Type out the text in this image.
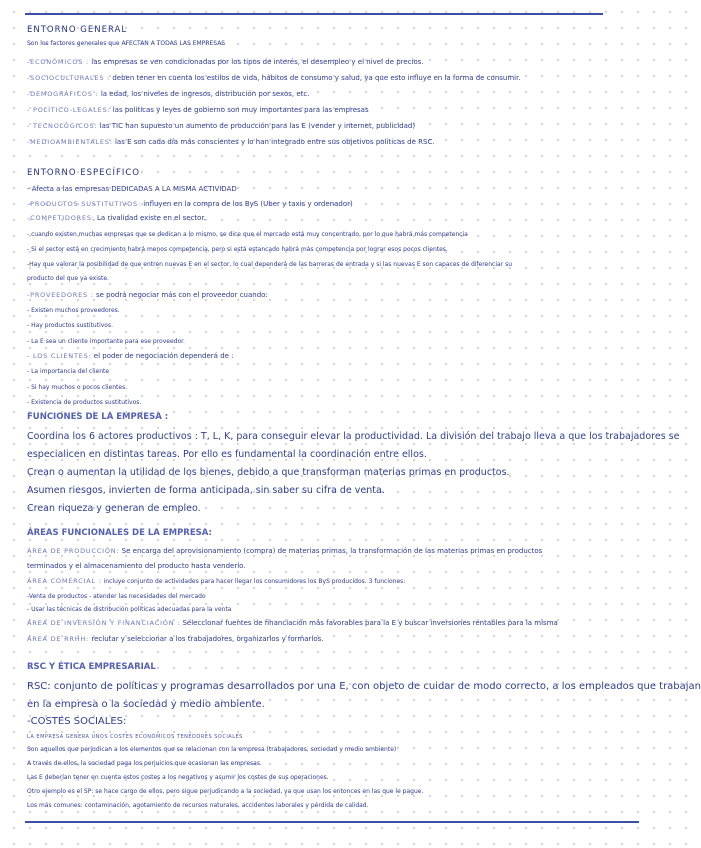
ENTORNO GENERAL
Son los factores generales que AFECTAN A TODAS LAS EMPRESAS
-ECONÓMICOS : las empresas se ven condicionadas por los tipos de interés, el desempleo y el nivel de precios.
-SOCIOCULTURALES : deben tener en cuenta los estilos de vida, hábitos de consumo y salud, ya que esto influye en la forma de consumir.
-DEMOGRÁFICOS : la edad, los niveles de ingresos, distribución por sexos, etc.
- POLÍTICO-LEGALES: las políticas y leyes de gobierno son muy importantes para las empresas
- TECNOLÓGICOS: las TIC han supuesto un aumento de producción para las E (vender y internet, publicidad)
-MEDIOAMBIENTALES: las E son cada día más conscientes y lo han integrado entre sus objetivos políticas de RSC.
ENTORNO ESPECÍFICO
- Afecta a las empresas DEDICADAS A LA MISMA ACTIVIDAD
-PRODUCTOS SUSTITUTIVOS: influyen en la compra de los ByS (Uber y taxis y ordenador)
-COMPETIDORES: La rivalidad existe en el sector.
- cuando existen muchas empresas que se dedican a lo mismo, se dice que el mercado está muy concentrado, por lo que habrá más competencia
- Si el sector está en crecimiento habrá menos competencia, pero si está estancado habrá más competencia por lograr esos pocos clientes.
-Hay que valorar la posibilidad de que entren nuevas E en el sector, lo cual dependerá de las barreras de entrada y si las nuevas E son capaces de diferenciar su
producto del que ya existe.
-PROVEEDORES : se podrá negociar más con el proveedor cuando:
- Existen muchos proveedores.
- Hay productos sustitutivos.
- La E sea un cliente importante para ese proveedor.
- LOS CLIENTES: el poder de negociación dependerá de :
- La importancia del cliente
- Si hay muchos o pocos clientes.
- Existencia de productos sustitutivos.
FUNCIONES DE LA EMPRESA :
Coordina los 6 actores productivos : T, L, K, para conseguir elevar la productividad. La división del trabajo lleva a que los trabajadores se
especialicen en distintas tareas. Por ello es fundamental la coordinación entre ellos.
Crean o aumentan la utilidad de los bienes, debido a que transforman materias primas en productos.
Asumen riesgos, invierten de forma anticipada, sin saber su cifra de venta.
Crean riqueza y generan de empleo.
ÁREAS FUNCIONALES DE LA EMPRESA:
ÁREA DE PRODUCCIÓN: Se encarga del aprovisionamiento (compra) de materias primas, la transformación de las materias primas en productos
terminados y el almacenamiento del producto hasta venderlo.
ÁREA COMERCIAL : incluye conjunto de actividades para hacer llegar los consumidores los ByS producidos. 3 funciones:
-Venta de productos - atender las necesidades del mercado
- Usar las técnicas de distribución políticas adecuadas para la venta
ÁREA DE INVERSIÓN Y FINANCIACIÓN : Seleccionar fuentes de financiación más favorables para la E y buscar inversiones rentables para la misma
ÁREA DE RRHH: reclutar y seleccionar a los trabajadores, organizarlos y formarlos.
RSC Y ÉTICA EMPRESARIAL
RSC: conjunto de políticas y programas desarrollados por una E, con objeto de cuidar de modo correcto, a los empleados que trabajan
en la empresa o la sociedad y medio ambiente.
-COSTES SOCIALES:
LA EMPRESA GENERA UNOS COSTES ECONÓMICOS TENEDORES SOCIALES
Son aquellos que perjudican a los elementos que se relacionan con la empresa (trabajadores, sociedad y medio ambiente)
A través de ellos, la sociedad paga los perjuicios que ocasionan las empresas.
Las E deberían tener en cuenta estos costes a los negativos y asumir los costes de sus operaciones.
Otro ejemplo es el SP: se hace cargo de ellos, pero sigue perjudicando a la sociedad, ya que usan los entonces en las que le pague.
Los más comunes: contaminación, agotamiento de recursos naturales, accidentes laborales y pérdida de calidad.
